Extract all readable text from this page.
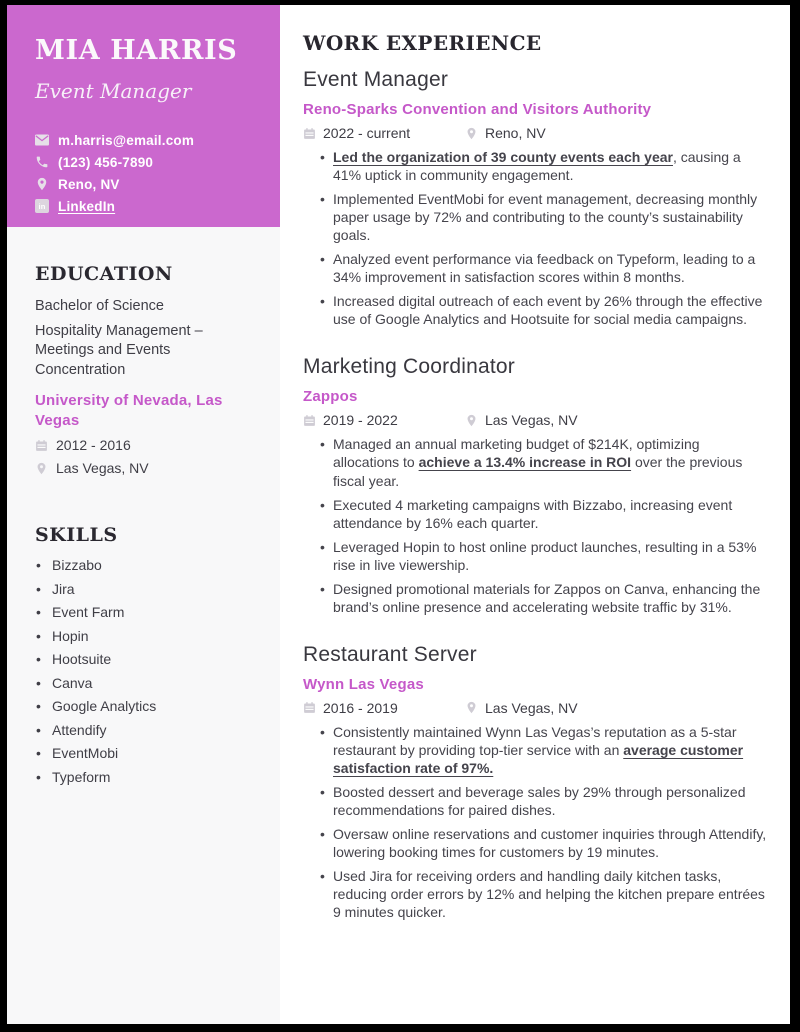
MIA HARRIS
Event Manager
m.harris@email.com
(123) 456-7890
Reno, NV
in LinkedIn
EDUCATION

Bachelor of Science

Hospitality Management – Meetings and Events Concentration

University of Nevada, Las Vegas
2012 - 2016
Las Vegas, NV
SKILLS
• Bizzabo
• Jira
• Event Farm
• Hopin
• Hootsuite
• Canva
• Google Analytics
• Attendify
• EventMobi
• Typeform
WORK EXPERIENCE
Event Manager
Reno-Sparks Convention and Visitors Authority
2022 - current	Reno, NV
• Led the organization of 39 county events each year, causing a 41% uptick in community engagement.
• Implemented EventMobi for event management, decreasing monthly paper usage by 72% and contributing to the county’s sustainability goals.
• Analyzed event performance via feedback on Typeform, leading to a 34% improvement in satisfaction scores within 8 months.
• Increased digital outreach of each event by 26% through the effective use of Google Analytics and Hootsuite for social media campaigns.
Marketing Coordinator
Zappos
2019 - 2022	Las Vegas, NV
• Managed an annual marketing budget of $214K, optimizing allocations to achieve a 13.4% increase in ROI over the previous fiscal year.
• Executed 4 marketing campaigns with Bizzabo, increasing event attendance by 16% each quarter.
• Leveraged Hopin to host online product launches, resulting in a 53% rise in live viewership.
• Designed promotional materials for Zappos on Canva, enhancing the brand’s online presence and accelerating website traffic by 31%.
Restaurant Server
Wynn Las Vegas
2016 - 2019	Las Vegas, NV
• Consistently maintained Wynn Las Vegas’s reputation as a 5-star restaurant by providing top-tier service with an average customer satisfaction rate of 97%.
• Boosted dessert and beverage sales by 29% through personalized recommendations for paired dishes.
• Oversaw online reservations and customer inquiries through Attendify, lowering booking times for customers by 19 minutes.
• Used Jira for receiving orders and handling daily kitchen tasks, reducing order errors by 12% and helping the kitchen prepare entrées 9 minutes quicker.
